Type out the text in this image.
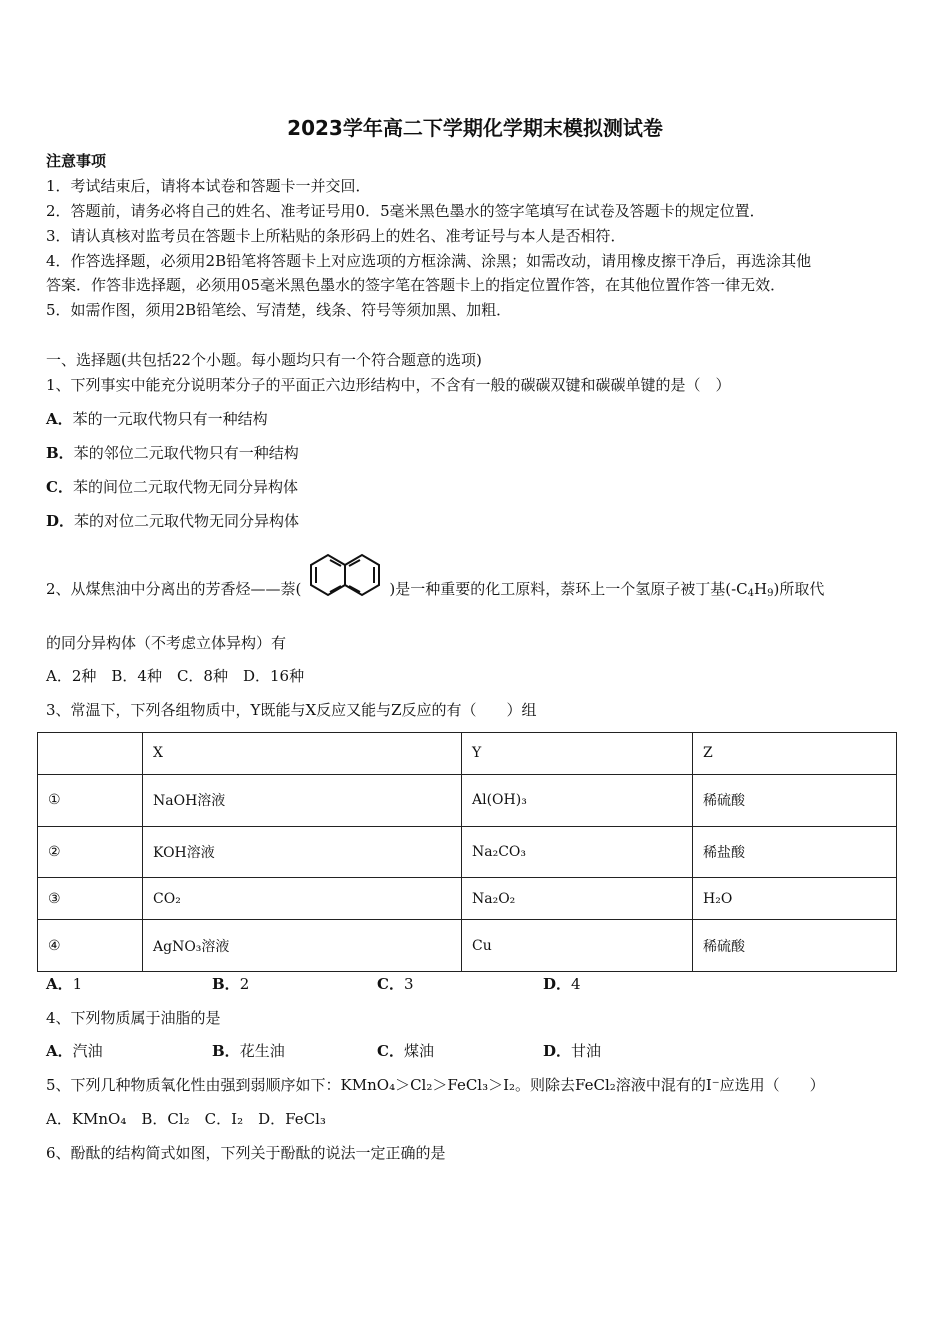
2023学年高二下学期化学期末模拟测试卷
注意事项
1．考试结束后，请将本试卷和答题卡一并交回．
2．答题前，请务必将自己的姓名、准考证号用0．5毫米黑色墨水的签字笔填写在试卷及答题卡的规定位置．
3．请认真核对监考员在答题卡上所粘贴的条形码上的姓名、准考证号与本人是否相符．
4．作答选择题，必须用2B铅笔将答题卡上对应选项的方框涂满、涂黑；如需改动，请用橡皮擦干净后，再选涂其他
答案．作答非选择题，必须用05毫米黑色墨水的签字笔在答题卡上的指定位置作答，在其他位置作答一律无效．
5．如需作图，须用2B铅笔绘、写清楚，线条、符号等须加黑、加粗．
一、选择题(共包括22个小题。每小题均只有一个符合题意的选项)
1、下列事实中能充分说明苯分子的平面正六边形结构中，不含有一般的碳碳双键和碳碳单键的是（　）
A．苯的一元取代物只有一种结构
B．苯的邻位二元取代物只有一种结构
C．苯的间位二元取代物无同分异构体
D．苯的对位二元取代物无同分异构体
2、从煤焦油中分离出的芳香烃——萘(	)是一种重要的化工原料，萘环上一个氢原子被丁基$(-C_4H_9)$所取代
的同分异构体（不考虑立体异构）有
A．2种　B．4种　C．8种　D．16种
3、常温下，下列各组物质中，Y既能与X反应又能与Z反应的有（　　）组
	X	Y	Z
①	NaOH溶液	Al(OH)₃	稀硫酸
②	KOH溶液	Na₂CO₃	稀盐酸
③	CO₂	Na₂O₂	H₂O
④	AgNO₃溶液	Cu	稀硫酸
A．1	B．2	C．3	D．4
4、下列物质属于油脂的是
A．汽油	B．花生油	C．煤油	D．甘油
5、下列几种物质氧化性由强到弱顺序如下：KMnO₄＞Cl₂＞FeCl₃＞I₂。则除去FeCl₂溶液中混有的I⁻应选用（　　）
A．KMnO₄　B．Cl₂　C．I₂　D．FeCl₃
6、酚酞的结构简式如图，下列关于酚酞的说法一定正确的是
